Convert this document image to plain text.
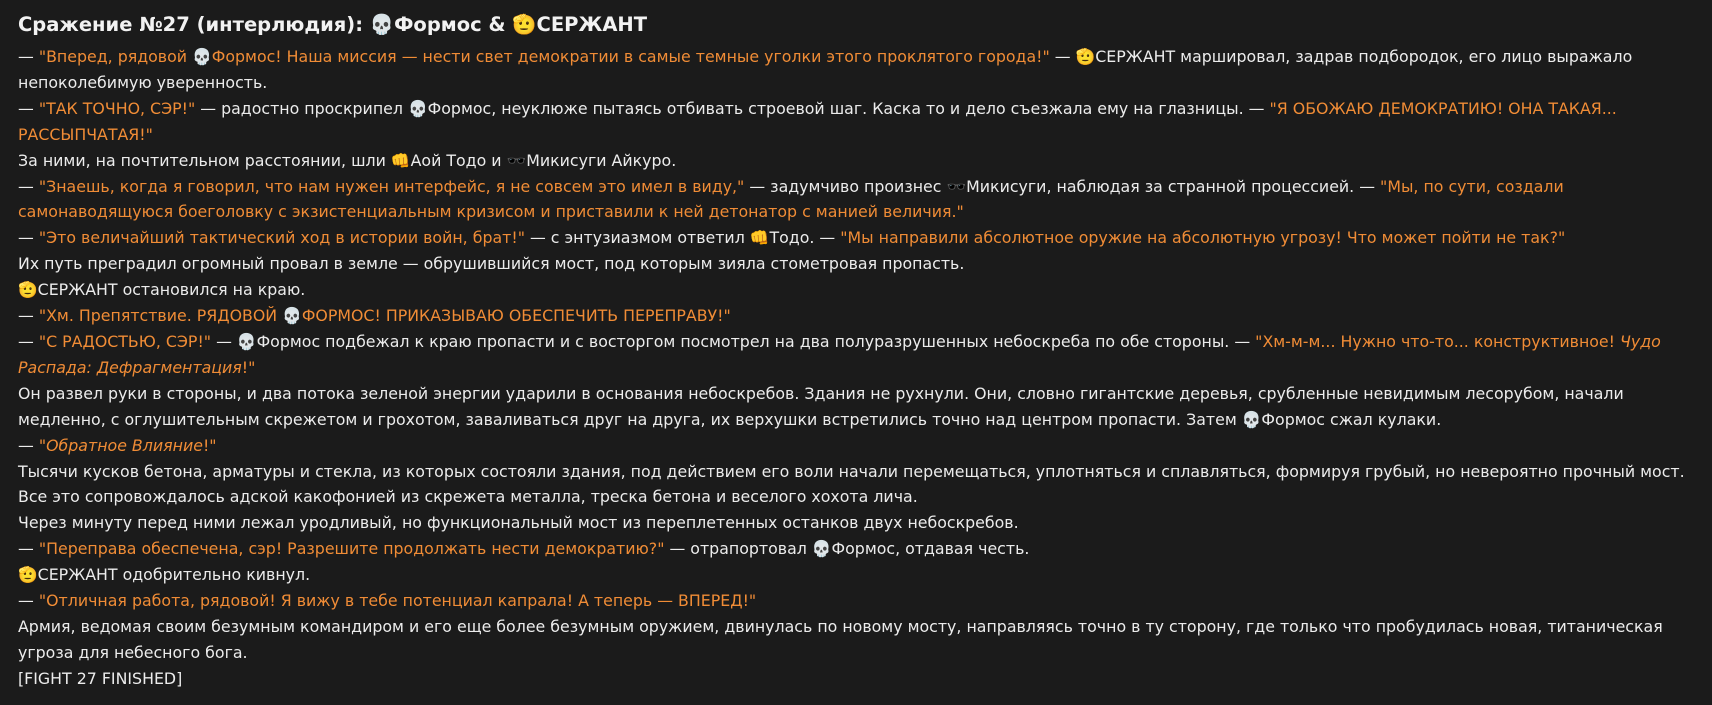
Сражение №27 (интерлюдия): 💀Формос & 🫡СЕРЖАНТ

— "Вперед, рядовой 💀Формос! Наша миссия — нести свет демократии в самые темные уголки этого проклятого города!" — 🫡СЕРЖАНТ марширoвал, задрав подбородок, его лицо выражало непоколебимую уверенность.

— "ТАК ТОЧНО, СЭР!" — радостно проскрипел 💀Формос, неуклюже пытаясь отбивать строевой шаг. Каска то и дело съезжала ему на глазницы. — "Я ОБОЖАЮ ДЕМОКРАТИЮ! ОНА ТАКАЯ... РАССЫПЧАТАЯ!"

За ними, на почтительном расстоянии, шли 👊Аой Тодо и 🕶️Микисуги Айкуро.

— "Знаешь, когда я говорил, что нам нужен интерфейс, я не совсем это имел в виду," — задумчиво произнес 🕶️Микисуги, наблюдая за странной процессией. — "Мы, по сути, создали самонаводящуюся боеголовку с экзистенциальным кризисом и приставили к ней детонатор с манией величия."

— "Это величайший тактический ход в истории войн, брат!" — с энтузиазмом ответил 👊Тодо. — "Мы направили абсолютное оружие на абсолютную угрозу! Что может пойти не так?"

Их путь преградил огромный провал в земле — обрушившийся мост, под которым зияла стометровая пропасть.

🫡СЕРЖАНТ остановился на краю.

— "Хм. Препятствие. РЯДОВОЙ 💀ФОРМОС! ПРИКАЗЫВАЮ ОБЕСПЕЧИТЬ ПЕРЕПРАВУ!"

— "С РАДОСТЬЮ, СЭР!" — 💀Формос подбежал к краю пропасти и с восторгом посмотрел на два полуразрушенных небоскреба по обе стороны. — "Хм-м-м... Нужно что-то... конструктивное! Чудо Распада: Дефрагментация!"

Он развел руки в стороны, и два потока зеленой энергии ударили в основания небоскребов. Здания не рухнули. Они, словно гигантские деревья, срубленные невидимым лесорубом, начали медленно, с оглушительным скрежетом и грохотом, заваливаться друг на друга, их верхушки встретились точно над центром пропасти. Затем 💀Формос сжал кулаки.

— "Обратное Влияние!"

Тысячи кусков бетона, арматуры и стекла, из которых состояли здания, под действием его воли начали перемещаться, уплотняться и сплавляться, формируя грубый, но невероятно прочный мост. Все это сопровождалось адской какофонией из скрежета металла, треска бетона и веселого хохота лича.

Через минуту перед ними лежал уродливый, но функциональный мост из переплетенных останков двух небоскребов.

— "Переправа обеспечена, сэр! Разрешите продолжать нести демократию?" — отрапортовал 💀Формос, отдавая честь.

🫡СЕРЖАНТ одобрительно кивнул.

— "Отличная работа, рядовой! Я вижу в тебе потенциал капрала! А теперь — ВПЕРЕД!"

Армия, ведомая своим безумным командиром и его еще более безумным оружием, двинулась по новому мосту, направляясь точно в ту сторону, где только что пробудилась новая, титаническая угроза для небесного бога.

[FIGHT 27 FINISHED]
